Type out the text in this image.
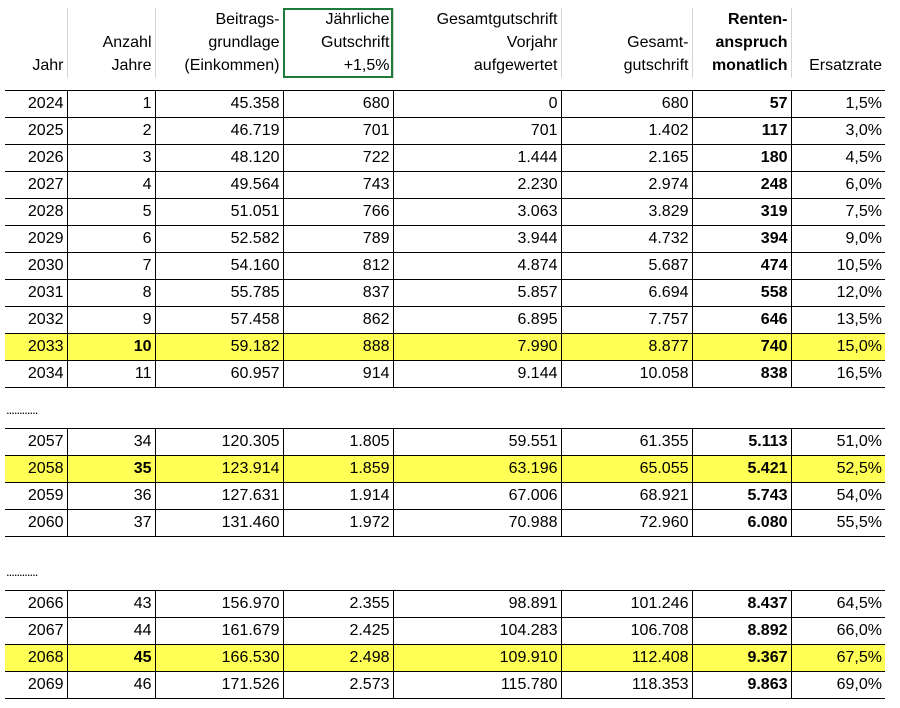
Jahr

Anzahl
Jahre

Beitrags-
grundlage
(Einkommen)

Jährliche
Gutschrift
+1,5%

Gesamtgutschrift
Vorjahr
aufgewertet

Gesamt-
gutschrift

Renten-
anspruch
monatlich	Ersatzrate
2024	1	45.358	680	0	680	57	1,5%
2025	2	46.719	701	701	1.402	117	3,0%
2026	3	48.120	722	1.444	2.165	180	4,5%
2027	4	49.564	743	2.230	2.974	248	6,0%
2028	5	51.051	766	3.063	3.829	319	7,5%
2029	6	52.582	789	3.944	4.732	394	9,0%
2030	7	54.160	812	4.874	5.687	474	10,5%
2031	8	55.785	837	5.857	6.694	558	12,0%
2032	9	57.458	862	6.895	7.757	646	13,5%
2033	10	59.182	888	7.990	8.877	740	15,0%
2034	11	60.957	914	9.144	10.058	838	16,5%
............
2057	34	120.305	1.805	59.551	61.355	5.113	51,0%
2058	35	123.914	1.859	63.196	65.055	5.421	52,5%
2059	36	127.631	1.914	67.006	68.921	5.743	54,0%
2060	37	131.460	1.972	70.988	72.960	6.080	55,5%
............
2066	43	156.970	2.355	98.891	101.246	8.437	64,5%
2067	44	161.679	2.425	104.283	106.708	8.892	66,0%
2068	45	166.530	2.498	109.910	112.408	9.367	67,5%
2069	46	171.526	2.573	115.780	118.353	9.863	69,0%
